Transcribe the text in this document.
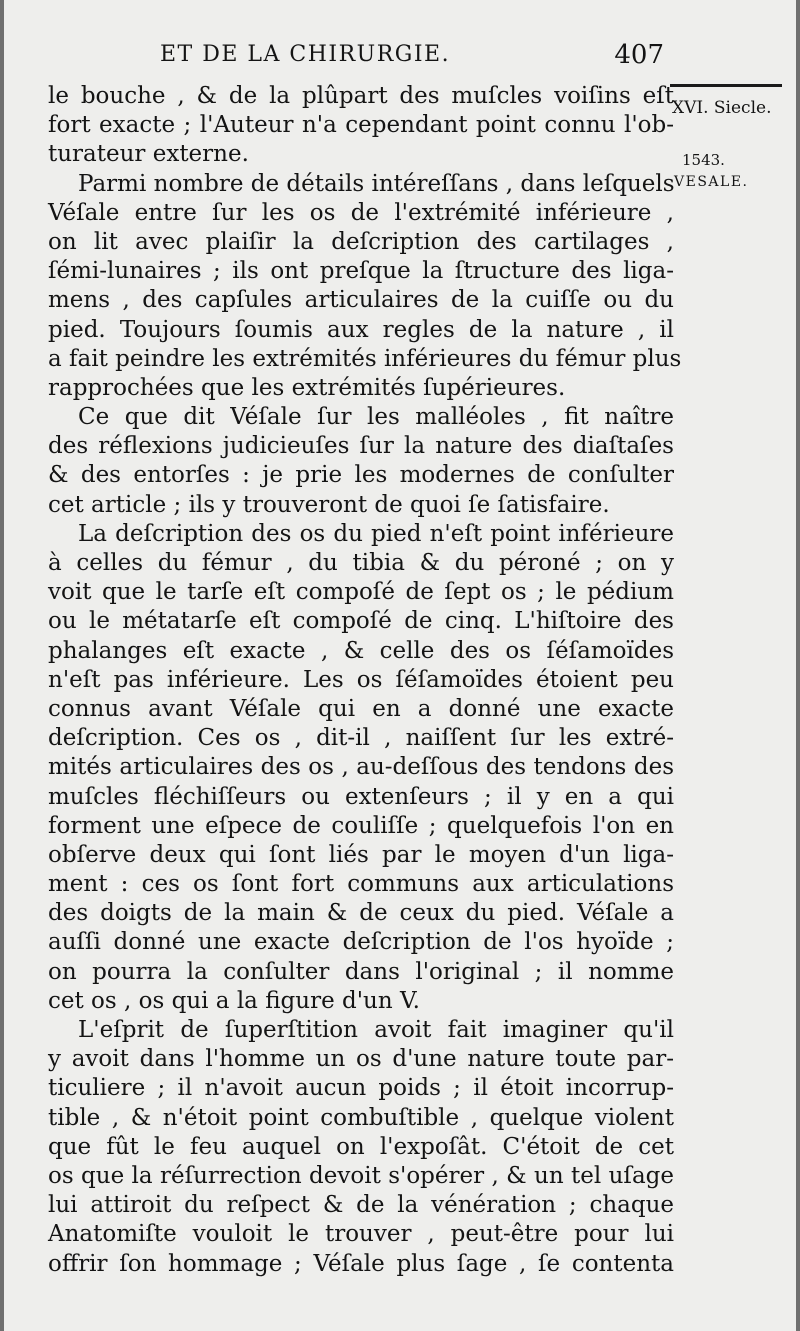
ET DE LA CHIRURGIE.	407
XVI. Siecle.
1543.
VESALE.
le bouche , & de la plûpart des muſcles voiſins eſt
fort exacte ; l'Auteur n'a cependant point connu l'ob-
turateur externe.
Parmi nombre de détails intéreſſans , dans leſquels
Véſale entre ſur les os de l'extrémité inférieure ,
on lit avec plaiſir la deſcription des cartilages ,
ſémi-lunaires ; ils ont preſque la ſtructure des liga-
mens , des capſules articulaires de la cuiſſe ou du
pied. Toujours ſoumis aux regles de la nature , il
a fait peindre les extrémités inférieures du fémur plus
rapprochées que les extrémités ſupérieures.
Ce que dit Véſale ſur les malléoles , fit naître
des réflexions judicieuſes ſur la nature des diaſtaſes
& des entorſes : je prie les modernes de conſulter
cet article ; ils y trouveront de quoi ſe ſatisfaire.
La deſcription des os du pied n'eſt point inférieure
à celles du fémur , du tibia & du péroné ; on y
voit que le tarſe eſt compoſé de ſept os ; le pédium
ou le métatarſe eſt compoſé de cinq. L'hiſtoire des
phalanges eſt exacte , & celle des os ſéſamoïdes
n'eſt pas inférieure. Les os ſéſamoïdes étoient peu
connus avant Véſale qui en a donné une exacte
deſcription. Ces os , dit-il , naiſſent ſur les extré-
mités articulaires des os , au-deſſous des tendons des
muſcles fléchiſſeurs ou extenſeurs ; il y en a qui
forment une eſpece de couliſſe ; quelquefois l'on en
obſerve deux qui ſont liés par le moyen d'un liga-
ment : ces os ſont fort communs aux articulations
des doigts de la main & de ceux du pied. Véſale a
auſſi donné une exacte deſcription de l'os hyoïde ;
on pourra la conſulter dans l'original ; il nomme
cet os , os qui a la figure d'un V.
L'eſprit de ſuperſtition avoit fait imaginer qu'il
y avoit dans l'homme un os d'une nature toute par-
ticuliere ; il n'avoit aucun poids ; il étoit incorrup-
tible , & n'étoit point combuſtible , quelque violent
que fût le feu auquel on l'expoſât. C'étoit de cet
os que la réſurrection devoit s'opérer , & un tel uſage
lui attiroit du reſpect & de la vénération ; chaque
Anatomiſte vouloit le trouver , peut-être pour lui
offrir ſon hommage ; Véſale plus ſage , ſe contenta
